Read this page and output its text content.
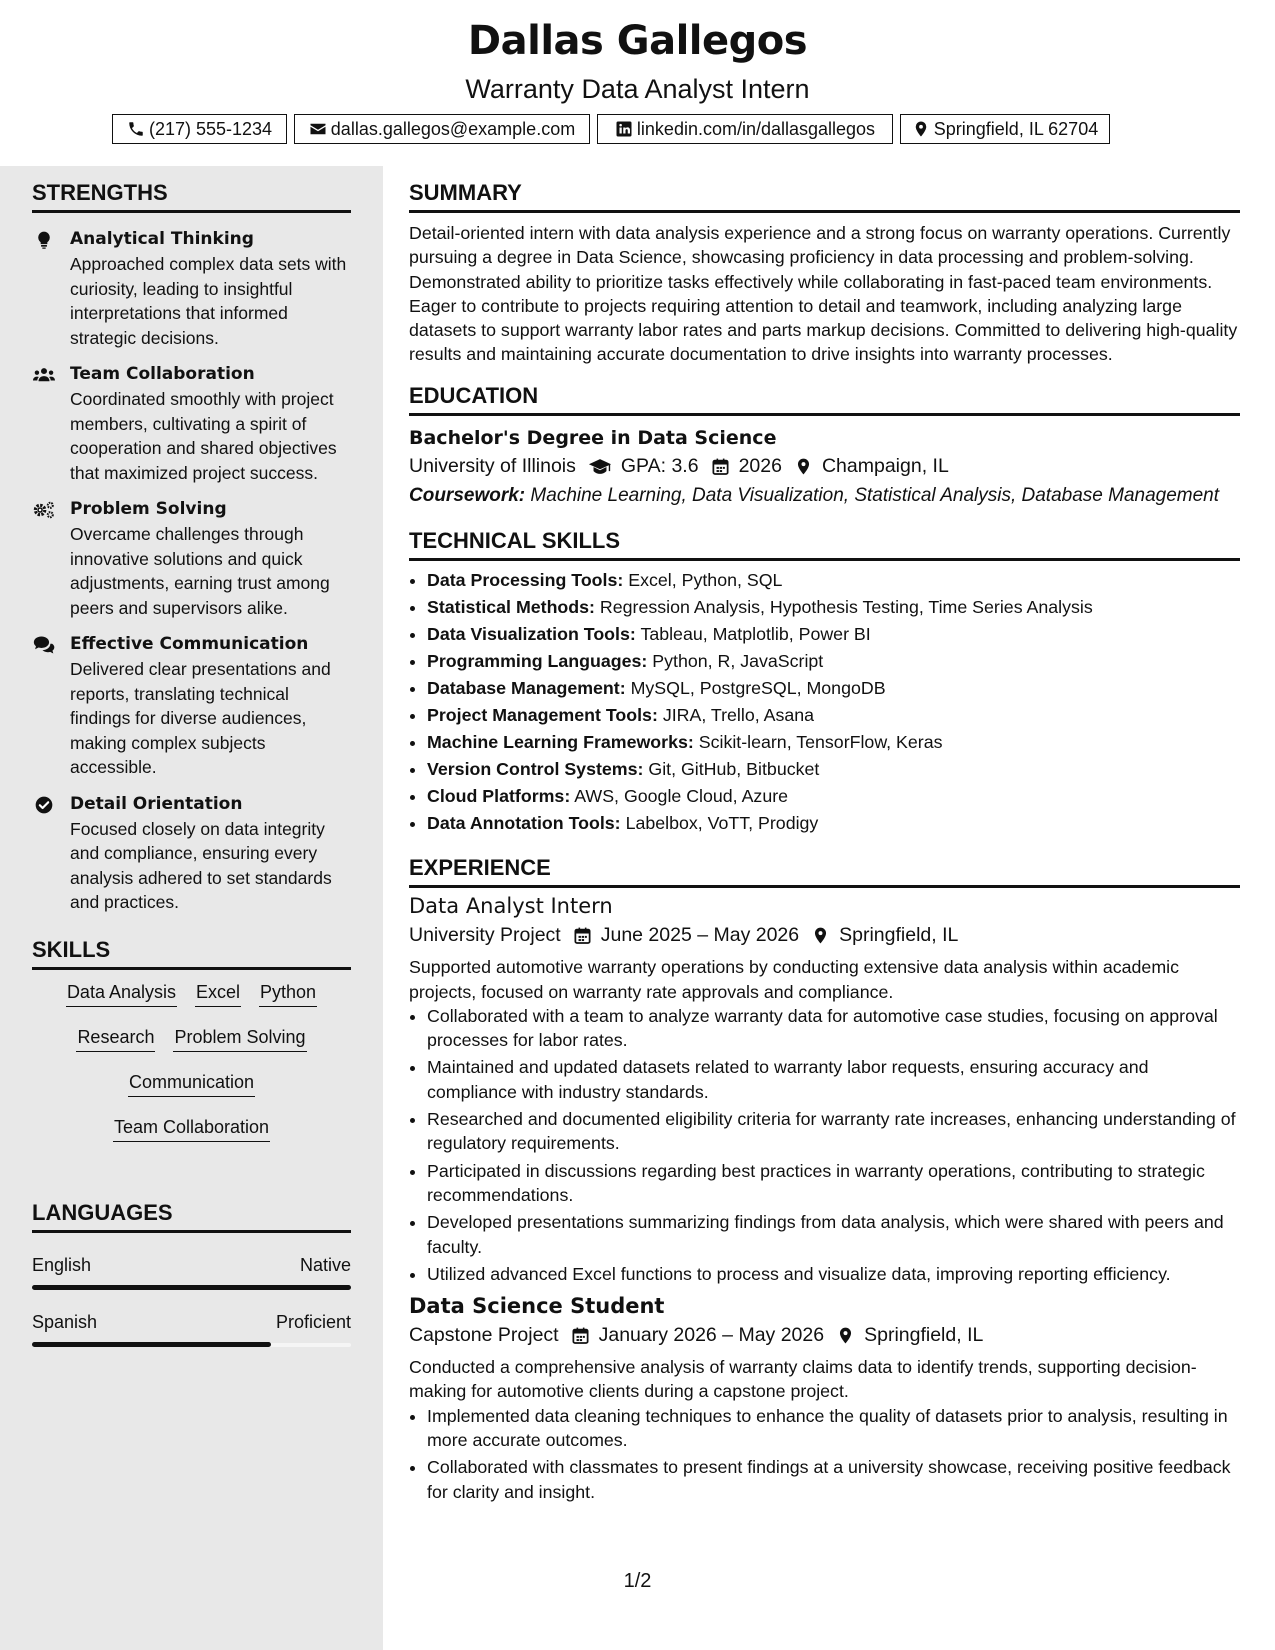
Dallas Gallegos
Warranty Data Analyst Intern
(217) 555-1234	dallas.gallegos@example.com	linkedin.com/in/dallasgallegos	Springfield, IL 62704
STRENGTHS
Analytical Thinking
Approached complex data sets with curiosity, leading to insightful interpretations that informed strategic decisions.
Team Collaboration
Coordinated smoothly with project members, cultivating a spirit of cooperation and shared objectives that maximized project success.
Problem Solving
Overcame challenges through innovative solutions and quick adjustments, earning trust among peers and supervisors alike.
Effective Communication
Delivered clear presentations and reports, translating technical findings for diverse audiences, making complex subjects accessible.
Detail Orientation
Focused closely on data integrity and compliance, ensuring every analysis adhered to set standards and practices.
SKILLS
Data Analysis Excel Python
Research Problem Solving
Communication
Team Collaboration
LANGUAGES
English	Native
Spanish	Proficient
SUMMARY

Detail-oriented intern with data analysis experience and a strong focus on warranty operations. Currently pursuing a degree in Data Science, showcasing proficiency in data processing and problem-solving. Demonstrated ability to prioritize tasks effectively while collaborating in fast-paced team environments. Eager to contribute to projects requiring attention to detail and teamwork, including analyzing large datasets to support warranty labor rates and parts markup decisions. Committed to delivering high-quality results and maintaining accurate documentation to drive insights into warranty processes.

EDUCATION
Bachelor's Degree in Data Science
University of Illinois GPA: 3.6 2026 Champaign, IL
Coursework: Machine Learning, Data Visualization, Statistical Analysis, Database Management
TECHNICAL SKILLS
• Data Processing Tools: Excel, Python, SQL
• Statistical Methods: Regression Analysis, Hypothesis Testing, Time Series Analysis
• Data Visualization Tools: Tableau, Matplotlib, Power BI
• Programming Languages: Python, R, JavaScript
• Database Management: MySQL, PostgreSQL, MongoDB
• Project Management Tools: JIRA, Trello, Asana
• Machine Learning Frameworks: Scikit-learn, TensorFlow, Keras
• Version Control Systems: Git, GitHub, Bitbucket
• Cloud Platforms: AWS, Google Cloud, Azure
• Data Annotation Tools: Labelbox, VoTT, Prodigy
EXPERIENCE
Data Analyst Intern
University Project June 2025 – May 2026 Springfield, IL

Supported automotive warranty operations by conducting extensive data analysis within academic projects, focused on warranty rate approvals and compliance.

• Collaborated with a team to analyze warranty data for automotive case studies, focusing on approval processes for labor rates.
• Maintained and updated datasets related to warranty labor requests, ensuring accuracy and compliance with industry standards.
• Researched and documented eligibility criteria for warranty rate increases, enhancing understanding of regulatory requirements.
• Participated in discussions regarding best practices in warranty operations, contributing to strategic recommendations.
• Developed presentations summarizing findings from data analysis, which were shared with peers and faculty.
• Utilized advanced Excel functions to process and visualize data, improving reporting efficiency.
Data Science Student
Capstone Project January 2026 – May 2026 Springfield, IL

Conducted a comprehensive analysis of warranty claims data to identify trends, supporting decision-making for automotive clients during a capstone project.

• Implemented data cleaning techniques to enhance the quality of datasets prior to analysis, resulting in more accurate outcomes.
• Collaborated with classmates to present findings at a university showcase, receiving positive feedback for clarity and insight.
1/2
